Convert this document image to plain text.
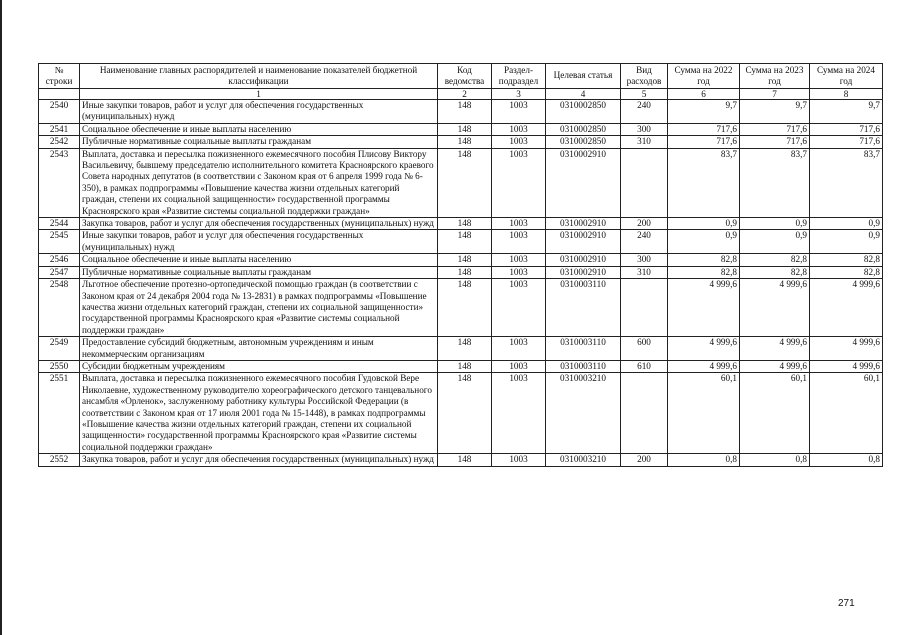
№ строки	Наименование главных распорядителей и наименование показателей бюджетной классификации	Код ведомства	Раздел-подраздел	Целевая статья	Вид расходов	Сумма на 2022 год	Сумма на 2023 год	Сумма на 2024 год
	1	2	3	4	5	6	7	8
2540	Иные закупки товаров, работ и услуг для обеспечения государственных (муниципальных) нужд	148	1003	0310002850	240	9,7	9,7	9,7
2541	Социальное обеспечение и иные выплаты населению	148	1003	0310002850	300	717,6	717,6	717,6
2542	Публичные нормативные социальные выплаты гражданам	148	1003	0310002850	310	717,6	717,6	717,6
2543	Выплата, доставка и пересылка пожизненного ежемесячного пособия Плисову Виктору Васильевичу, бывшему председателю исполнительного комитета Красноярского краевого Совета народных депутатов (в соответствии с Законом края от 6 апреля 1999 года № 6-350), в рамках подпрограммы «Повышение качества жизни отдельных категорий граждан, степени их социальной защищенности» государственной программы Красноярского края «Развитие системы социальной поддержки граждан»	148	1003	0310002910		83,7	83,7	83,7
2544	Закупка товаров, работ и услуг для обеспечения государственных (муниципальных) нужд	148	1003	0310002910	200	0,9	0,9	0,9
2545	Иные закупки товаров, работ и услуг для обеспечения государственных (муниципальных) нужд	148	1003	0310002910	240	0,9	0,9	0,9
2546	Социальное обеспечение и иные выплаты населению	148	1003	0310002910	300	82,8	82,8	82,8
2547	Публичные нормативные социальные выплаты гражданам	148	1003	0310002910	310	82,8	82,8	82,8
2548	Льготное обеспечение протезно-ортопедической помощью граждан (в соответствии с Законом края от 24 декабря 2004 года № 13-2831) в рамках подпрограммы «Повышение качества жизни отдельных категорий граждан, степени их социальной защищенности» государственной программы Красноярского края «Развитие системы социальной поддержки граждан»	148	1003	0310003110		4 999,6	4 999,6	4 999,6
2549	Предоставление субсидий бюджетным, автономным учреждениям и иным некоммерческим организациям	148	1003	0310003110	600	4 999,6	4 999,6	4 999,6
2550	Субсидии бюджетным учреждениям	148	1003	0310003110	610	4 999,6	4 999,6	4 999,6
2551	Выплата, доставка и пересылка пожизненного ежемесячного пособия Гудовской Вере Николаевне, художественному руководителю хореографического детского танцевального ансамбля «Орленок», заслуженному работнику культуры Российской Федерации (в соответствии с Законом края от 17 июля 2001 года № 15-1448), в рамках подпрограммы «Повышение качества жизни отдельных категорий граждан, степени их социальной защищенности» государственной программы Красноярского края «Развитие системы социальной поддержки граждан»	148	1003	0310003210		60,1	60,1	60,1
2552	Закупка товаров, работ и услуг для обеспечения государственных (муниципальных) нужд	148	1003	0310003210	200	0,8	0,8	0,8
271
